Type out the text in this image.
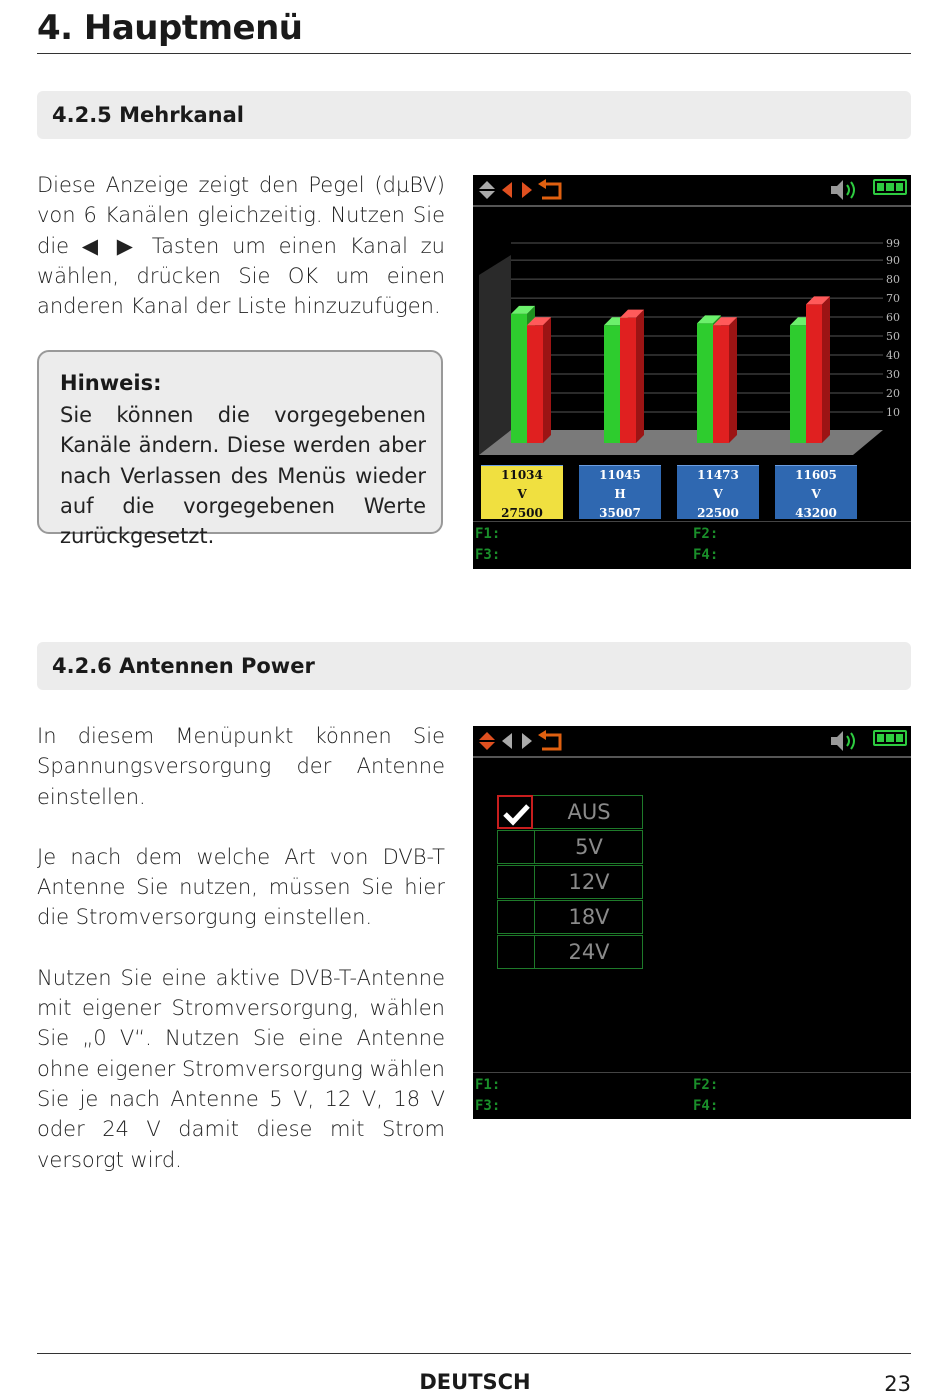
4. Hauptmenü
4.2.5 Mehrkanal

Diese Anzeige zeigt den Pegel (dµBV) von 6 Kanälen gleichzeitig. Nutzen Sie die ◀ ▶ Tasten um einen Kanal zu wählen, drücken Sie OK um einen anderen Kanal der Liste hinzuzufügen.

Hinweis:
Sie können die vorgegebenen Kanäle ändern. Diese werden aber nach Verlassen des Menüs wieder auf die vorgegebenen Werte zurückgesetzt.
99
90
80
70
60
50
40
30
20
10
11034
V
27500
11045
H
35007
11473
V
22500
11605
V
43200
F1:	F2:
F3:	F4:
4.2.6 Antennen Power

In diesem Menüpunkt können Sie Spannungsversorgung der Antenne einstellen.

Je nach dem welche Art von DVB-T Antenne Sie nutzen, müssen Sie hier die Stromversorgung einstellen.

Nutzen Sie eine aktive DVB-T-Antenne mit eigener Stromversorgung, wählen Sie „0 V“. Nutzen Sie eine Antenne ohne eigener Stromversorgung wählen Sie je nach Antenne 5 V, 12 V, 18 V oder 24 V damit diese mit Strom versorgt wird.

AUS
5V
12V
18V
24V
F1:	F2:
F3:	F4:
DEUTSCH	23
